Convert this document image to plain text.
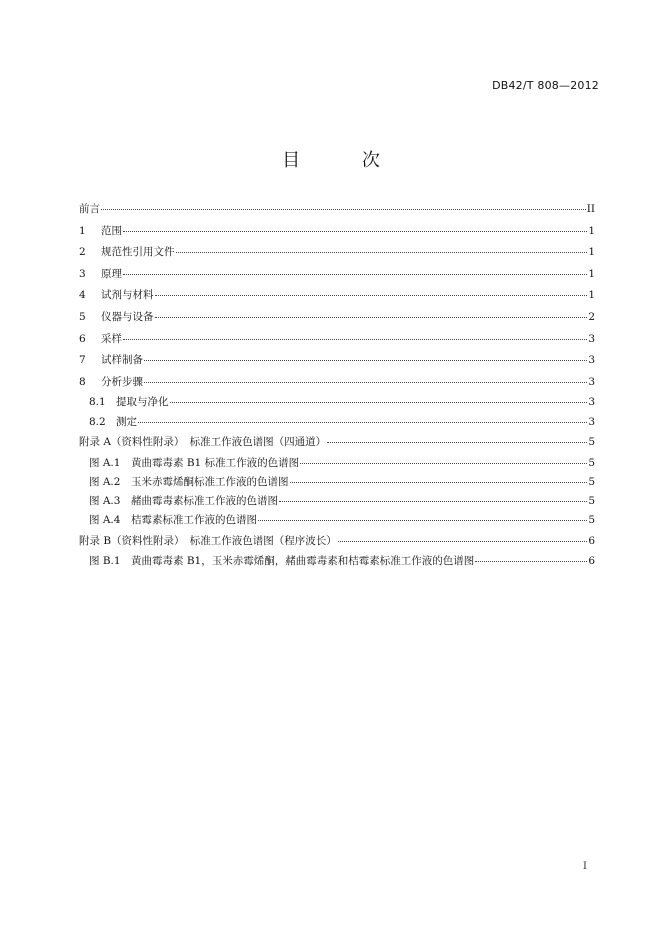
DB42/T 808—2012
目 次
前言	II
1	范围	1
2	规范性引用文件	1
3	原理	1
4	试剂与材料	1
5	仪器与设备	2
6	采样	3
7	试样制备	3
8	分析步骤	3
8.1 提取与净化	3
8.2 测定	3
附录 A（资料性附录）　标准工作液色谱图（四通道）	5
图 A.1	黄曲霉毒素 B1 标准工作液的色谱图	5
图 A.2	玉米赤霉烯酮标准工作液的色谱图	5
图 A.3	赭曲霉毒素标准工作液的色谱图	5
图 A.4	桔霉素标准工作液的色谱图	5
附录 B（资料性附录）　标准工作液色谱图（程序波长）	6
图 B.1 黄曲霉毒素 B1，玉米赤霉烯酮，赭曲霉毒素和桔霉素标准工作液的色谱图	6
I
